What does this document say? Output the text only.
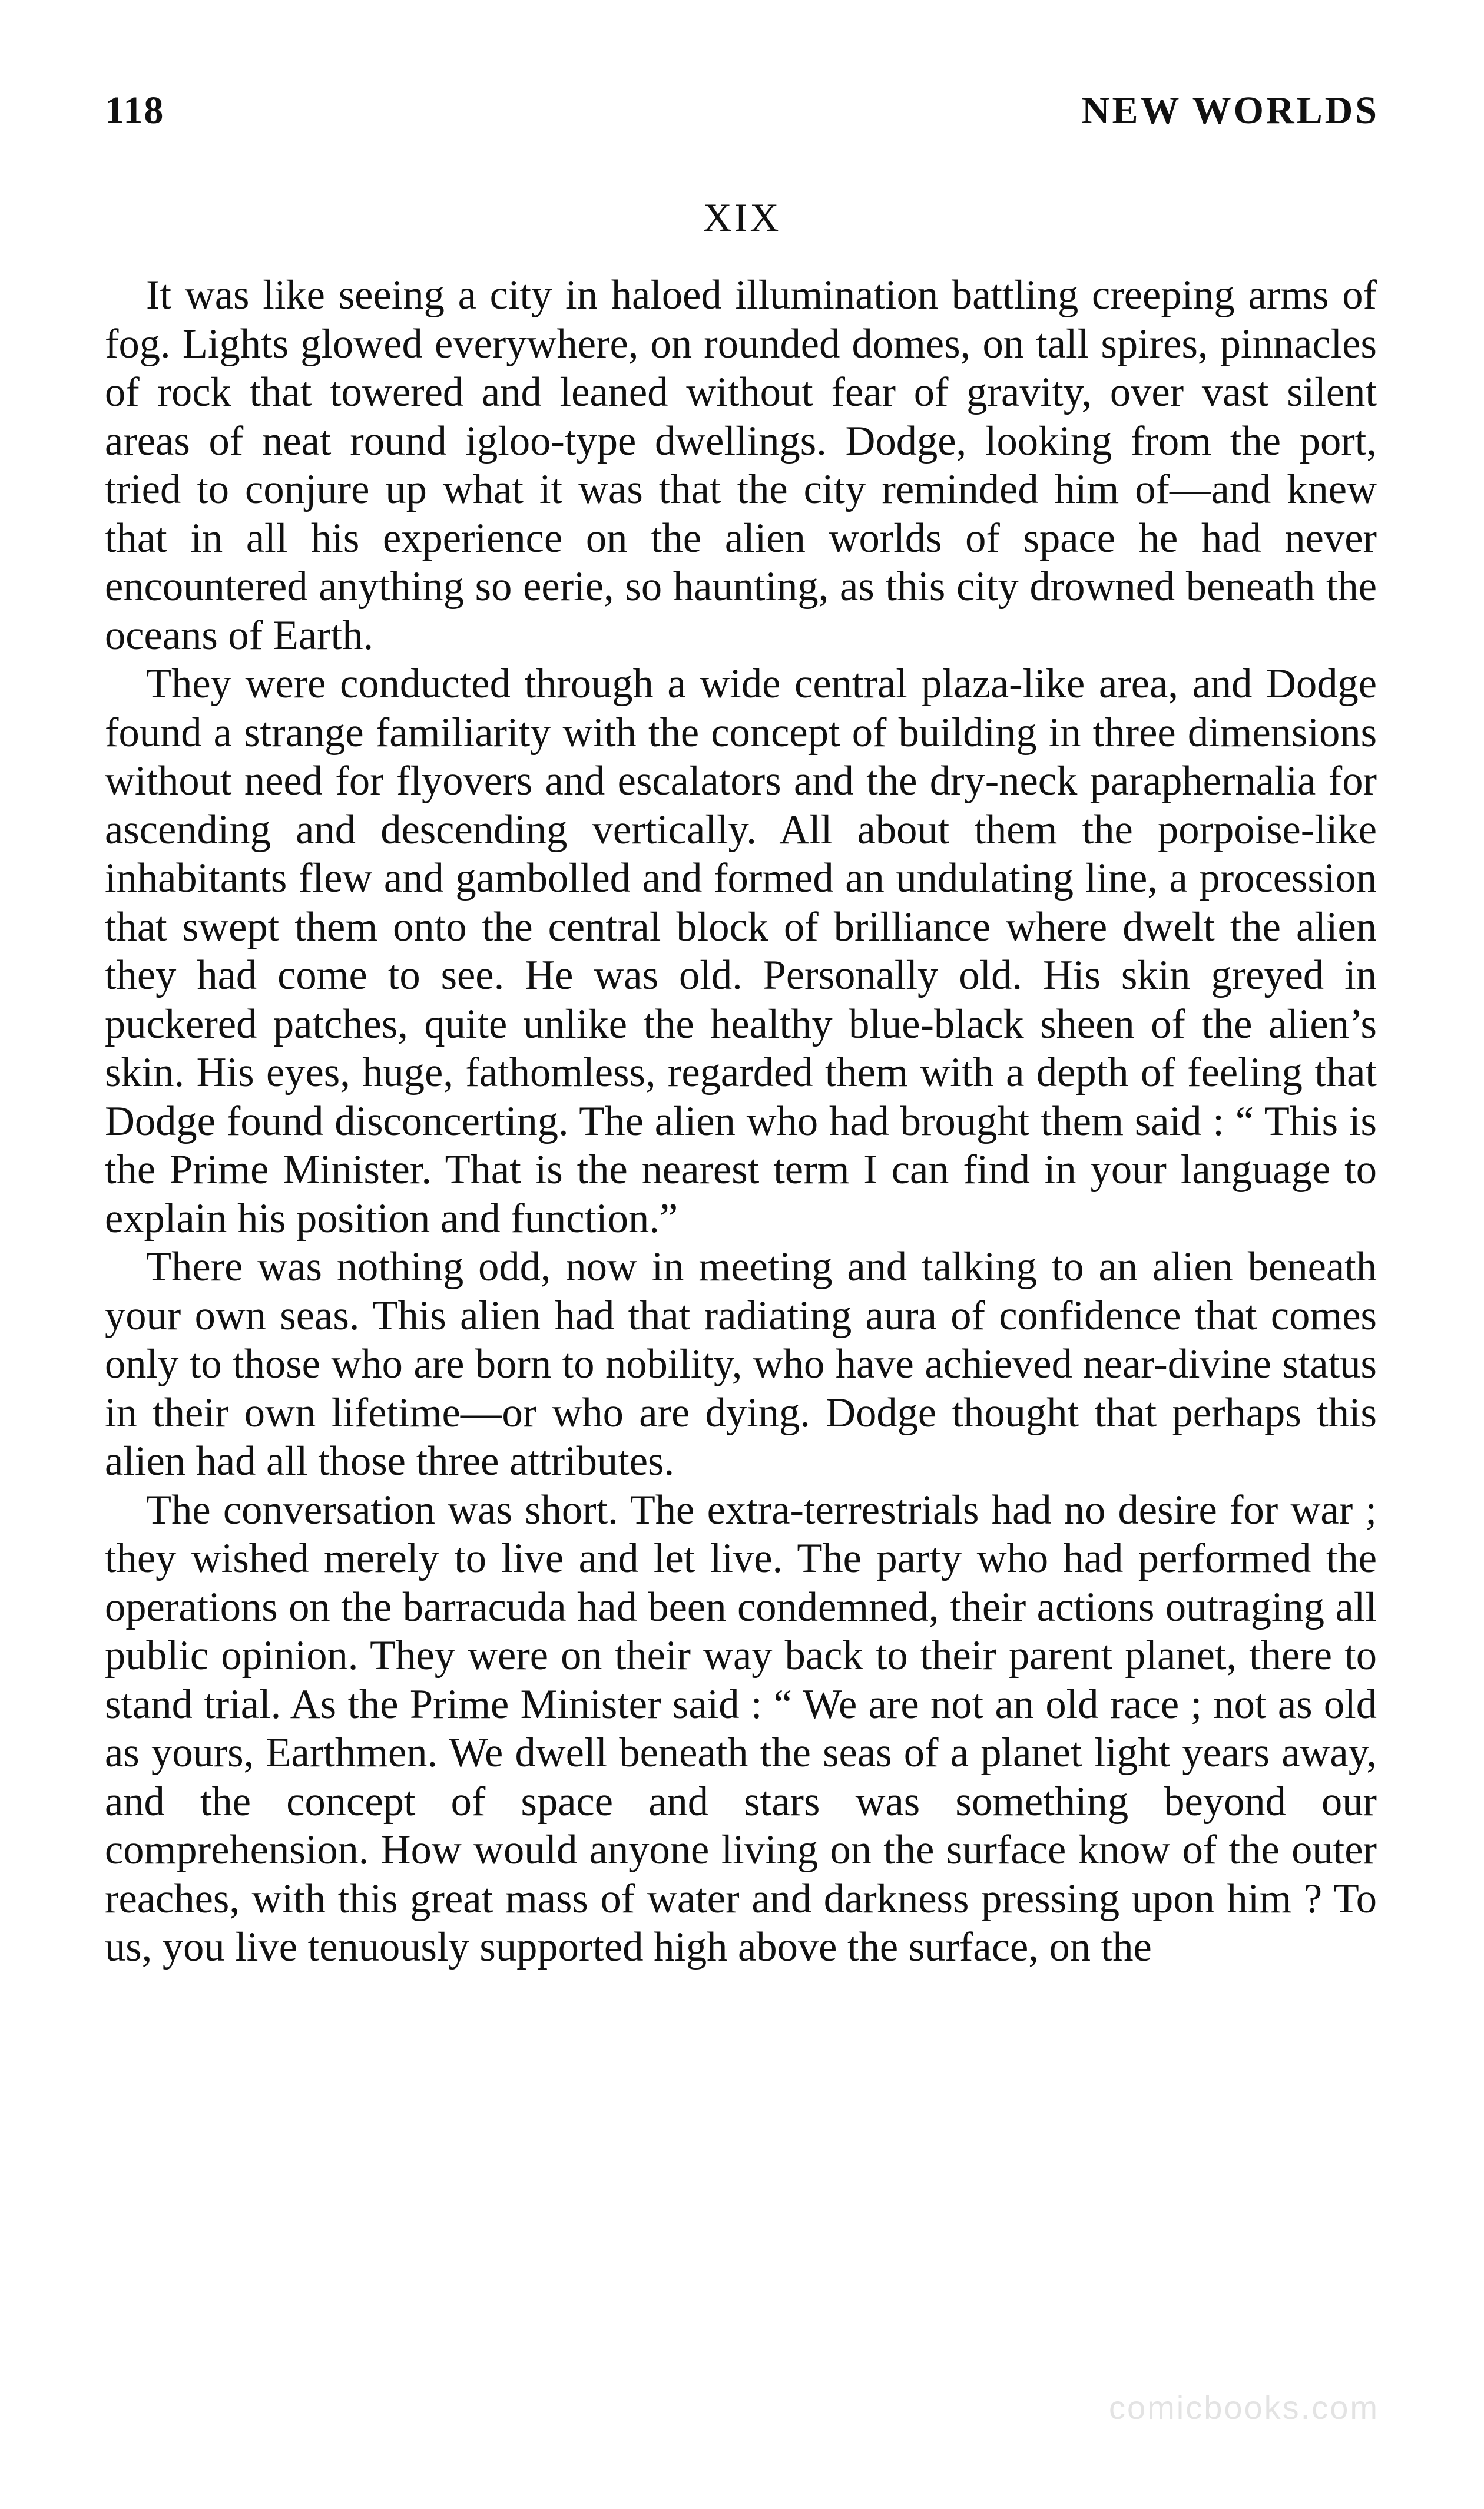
118	NEW WORLDS
XIX

It was like seeing a city in haloed illumination battling creeping arms of fog. Lights glowed everywhere, on rounded domes, on tall spires, pinnacles of rock that towered and leaned without fear of gravity, over vast silent areas of neat round igloo-type dwellings. Dodge, looking from the port, tried to conjure up what it was that the city reminded him of—and knew that in all his experience on the alien worlds of space he had never encountered anything so eerie, so haunting, as this city drowned beneath the oceans of Earth.

They were conducted through a wide central plaza-like area, and Dodge found a strange familiarity with the concept of building in three dimensions without need for flyovers and escalators and the dry-neck paraphernalia for ascending and descending vertically. All about them the porpoise-like inhabitants flew and gambolled and formed an undulating line, a procession that swept them onto the central block of brilliance where dwelt the alien they had come to see. He was old. Personally old. His skin greyed in puckered patches, quite unlike the healthy blue-black sheen of the alien’s skin. His eyes, huge, fathomless, regarded them with a depth of feeling that Dodge found disconcerting. The alien who had brought them said : “ This is the Prime Minister. That is the nearest term I can find in your language to explain his position and function.”

There was nothing odd, now in meeting and talking to an alien beneath your own seas. This alien had that radiating aura of confidence that comes only to those who are born to nobility, who have achieved near-divine status in their own lifetime—or who are dying. Dodge thought that perhaps this alien had all those three attributes.

The conversation was short. The extra-terrestrials had no desire for war ; they wished merely to live and let live. The party who had performed the operations on the barracuda had been condemned, their actions outraging all public opinion. They were on their way back to their parent planet, there to stand trial. As the Prime Minister said : “ We are not an old race ; not as old as yours, Earthmen. We dwell beneath the seas of a planet light years away, and the concept of space and stars was something beyond our comprehension. How would anyone living on the surface know of the outer reaches, with this great mass of water and darkness pressing upon him ? To us, you live tenuously supported high above the surface, on the

comicbooks.com
